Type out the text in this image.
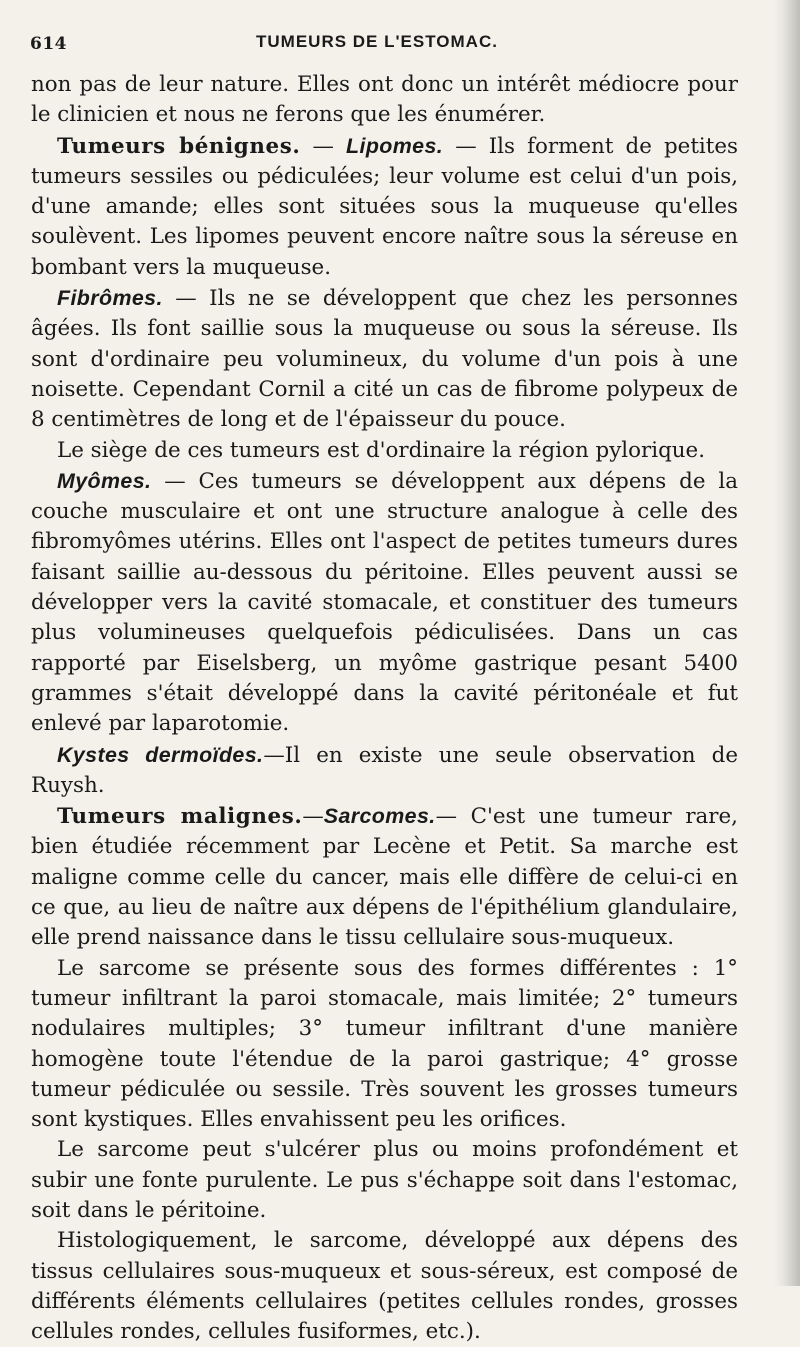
614	TUMEURS DE L'ESTOMAC.

non pas de leur nature. Elles ont donc un intérêt médiocre pour le clinicien et nous ne ferons que les énumérer.

Tumeurs bénignes. — Lipomes. — Ils forment de petites tumeurs sessiles ou pédiculées; leur volume est celui d'un pois, d'une amande; elles sont situées sous la muqueuse qu'elles soulèvent. Les lipomes peuvent encore naître sous la séreuse en bombant vers la muqueuse.

Fibrômes. — Ils ne se développent que chez les personnes âgées. Ils font saillie sous la muqueuse ou sous la séreuse. Ils sont d'ordinaire peu volumineux, du volume d'un pois à une noisette. Cependant Cornil a cité un cas de fibrome polypeux de 8 centimètres de long et de l'épaisseur du pouce.

Le siège de ces tumeurs est d'ordinaire la région pylorique.

Myômes. — Ces tumeurs se développent aux dépens de la couche musculaire et ont une structure analogue à celle des fibromyômes utérins. Elles ont l'aspect de petites tumeurs dures faisant saillie au-dessous du péritoine. Elles peuvent aussi se développer vers la cavité stomacale, et constituer des tumeurs plus volumineuses quelquefois pédiculisées. Dans un cas rapporté par Eiselsberg, un myôme gastrique pesant 5400 grammes s'était développé dans la cavité péritonéale et fut enlevé par laparotomie.

Kystes dermoïdes.—Il en existe une seule observation de Ruysh.

Tumeurs malignes.—Sarcomes.— C'est une tumeur rare, bien étudiée récemment par Lecène et Petit. Sa marche est maligne comme celle du cancer, mais elle diffère de celui-ci en ce que, au lieu de naître aux dépens de l'épithélium glandulaire, elle prend naissance dans le tissu cellulaire sous-muqueux.

Le sarcome se présente sous des formes différentes : 1° tumeur infiltrant la paroi stomacale, mais limitée; 2° tumeurs nodulaires multiples; 3° tumeur infiltrant d'une manière homogène toute l'étendue de la paroi gastrique; 4° grosse tumeur pédiculée ou sessile. Très souvent les grosses tumeurs sont kystiques. Elles envahissent peu les orifices.

Le sarcome peut s'ulcérer plus ou moins profondément et subir une fonte purulente. Le pus s'échappe soit dans l'estomac, soit dans le péritoine.

Histologiquement, le sarcome, développé aux dépens des tissus cellulaires sous-muqueux et sous-séreux, est composé de différents éléments cellulaires (petites cellules rondes, grosses cellules rondes, cellules fusiformes, etc.).
